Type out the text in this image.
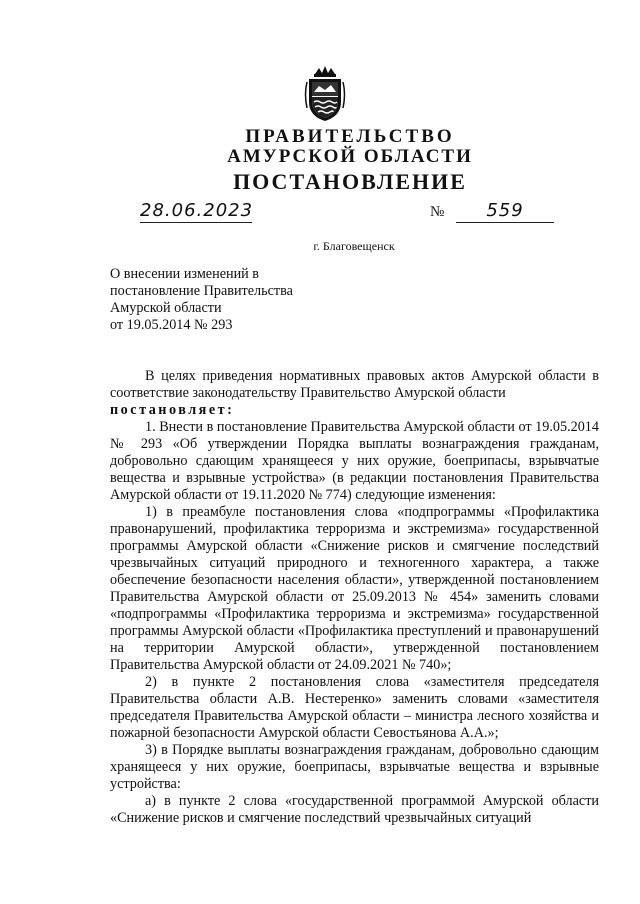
ПРАВИТЕЛЬСТВО
АМУРСКОЙ ОБЛАСТИ
ПОСТАНОВЛЕНИЕ
28.06.2023	№	559
г. Благовещенск
О внесении изменений в
постановление Правительства
Амурской области
от 19.05.2014 № 293

В целях приведения нормативных правовых актов Амурской области в соответствие законодательству Правительство Амурской области

постановляет:

1. Внести в постановление Правительства Амурской области от 19.05.2014 № 293 «Об утверждении Порядка выплаты вознаграждения гражданам, добровольно сдающим хранящееся у них оружие, боеприпасы, взрывчатые вещества и взрывные устройства» (в редакции постановления Правительства Амурской области от 19.11.2020 № 774) следующие изменения:

1) в преамбуле постановления слова «подпрограммы «Профилактика правонарушений, профилактика терроризма и экстремизма» государственной программы Амурской области «Снижение рисков и смягчение последствий чрезвычайных ситуаций природного и техногенного характера, а также обеспечение безопасности населения области», утвержденной постановлением Правительства Амурской области от 25.09.2013 № 454» заменить словами «подпрограммы «Профилактика терроризма и экстремизма» государственной программы Амурской области «Профилактика преступлений и правонарушений на территории Амурской области», утвержденной постановлением Правительства Амурской области от 24.09.2021 № 740»;

2) в пункте 2 постановления слова «заместителя председателя Правительства области А.В. Нестеренко» заменить словами «заместителя председателя Правительства Амурской области – министра лесного хозяйства и пожарной безопасности Амурской области Севостьянова А.А.»;

3) в Порядке выплаты вознаграждения гражданам, добровольно сдающим хранящееся у них оружие, боеприпасы, взрывчатые вещества и взрывные устройства:

а) в пункте 2 слова «государственной программой Амурской области «Снижение рисков и смягчение последствий чрезвычайных ситуаций
